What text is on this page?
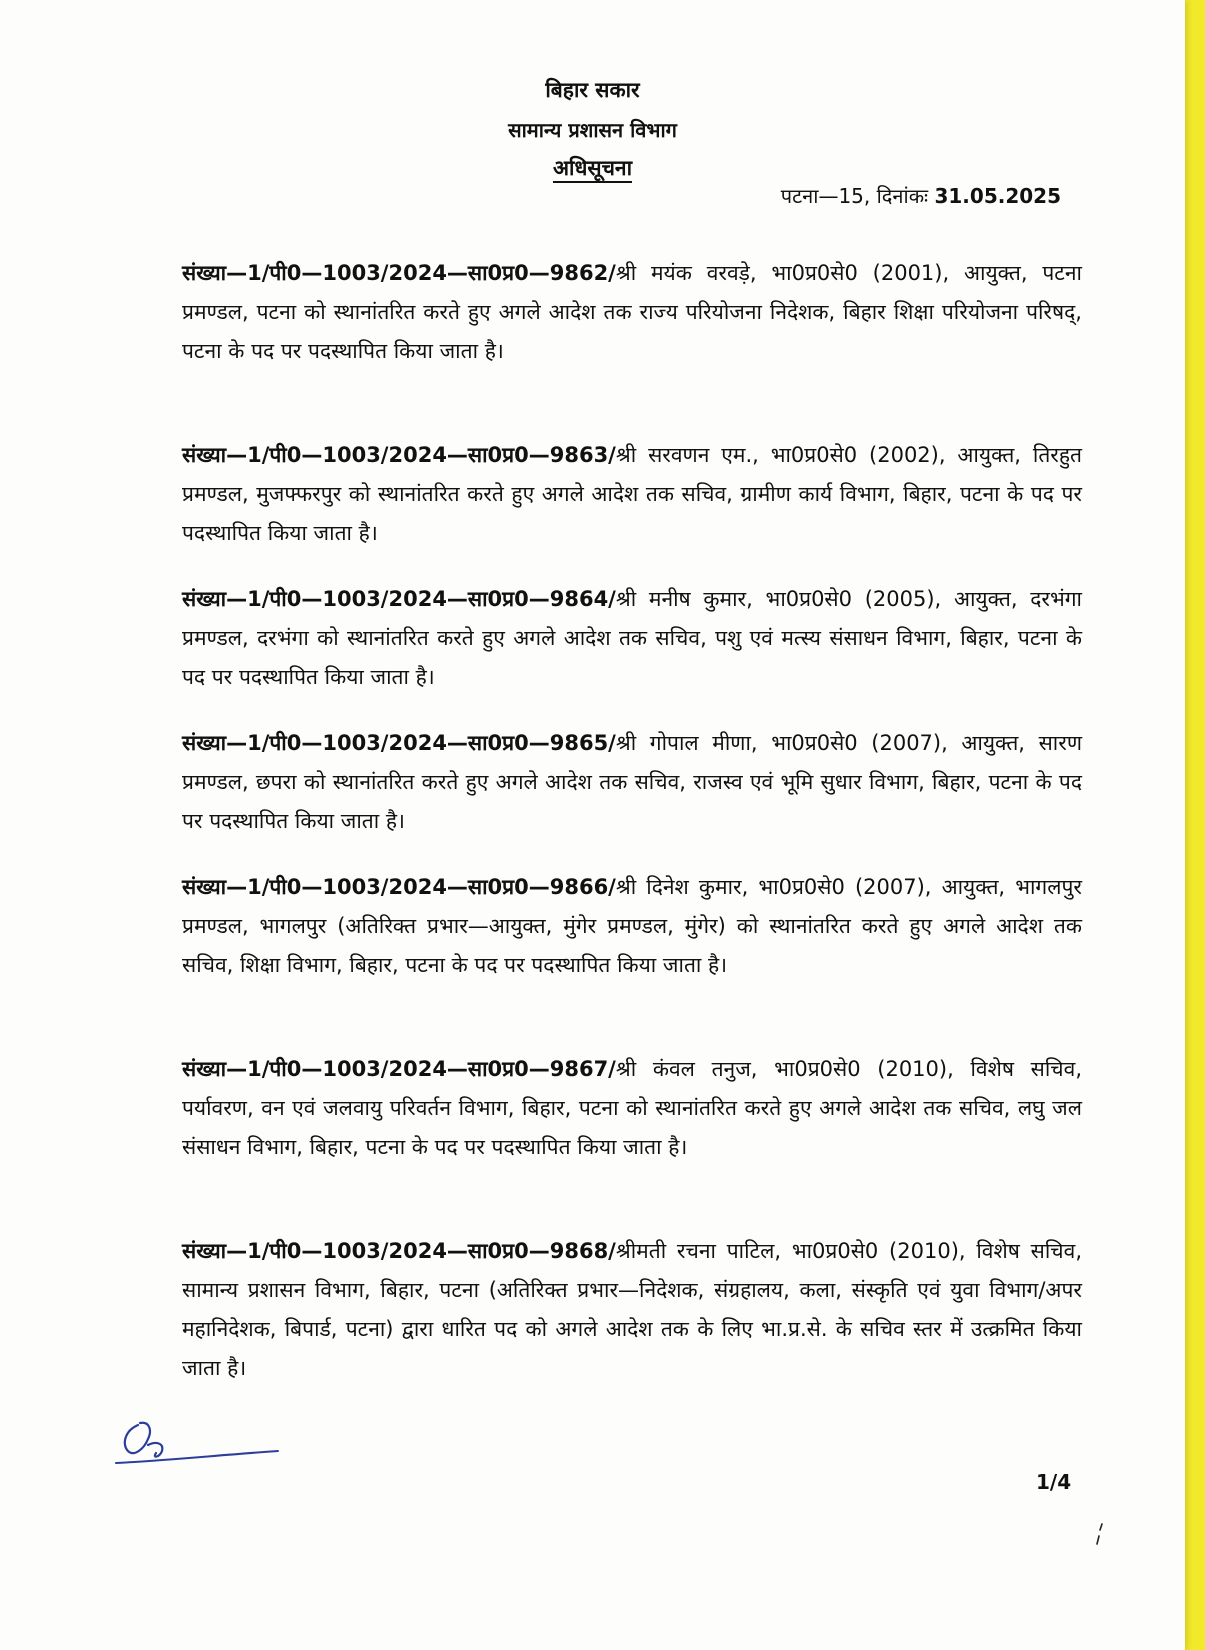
बिहार सकार
सामान्य प्रशासन विभाग
अधिसूचना
पटना—15, दिनांकः 31.05.2025
संख्या—1/पी0—1003/2024—सा0प्र0—9862/श्री मयंक वरवड़े, भा0प्र0से0 (2001), आयुक्त, पटना प्रमण्डल, पटना को स्थानांतरित करते हुए अगले आदेश तक राज्य परियोजना निदेशक, बिहार शिक्षा परियोजना परिषद्, पटना के पद पर पदस्थापित किया जाता है।
संख्या—1/पी0—1003/2024—सा0प्र0—9863/श्री सरवणन एम., भा0प्र0से0 (2002), आयुक्त, तिरहुत प्रमण्डल, मुजफ्फरपुर को स्थानांतरित करते हुए अगले आदेश तक सचिव, ग्रामीण कार्य विभाग, बिहार, पटना के पद पर पदस्थापित किया जाता है।
संख्या—1/पी0—1003/2024—सा0प्र0—9864/श्री मनीष कुमार, भा0प्र0से0 (2005), आयुक्त, दरभंगा प्रमण्डल, दरभंगा को स्थानांतरित करते हुए अगले आदेश तक सचिव, पशु एवं मत्स्य संसाधन विभाग, बिहार, पटना के पद पर पदस्थापित किया जाता है।
संख्या—1/पी0—1003/2024—सा0प्र0—9865/श्री गोपाल मीणा, भा0प्र0से0 (2007), आयुक्त, सारण प्रमण्डल, छपरा को स्थानांतरित करते हुए अगले आदेश तक सचिव, राजस्व एवं भूमि सुधार विभाग, बिहार, पटना के पद पर पदस्थापित किया जाता है।
संख्या—1/पी0—1003/2024—सा0प्र0—9866/श्री दिनेश कुमार, भा0प्र0से0 (2007), आयुक्त, भागलपुर प्रमण्डल, भागलपुर (अतिरिक्त प्रभार—आयुक्त, मुंगेर प्रमण्डल, मुंगेर) को स्थानांतरित करते हुए अगले आदेश तक सचिव, शिक्षा विभाग, बिहार, पटना के पद पर पदस्थापित किया जाता है।
संख्या—1/पी0—1003/2024—सा0प्र0—9867/श्री कंवल तनुज, भा0प्र0से0 (2010), विशेष सचिव, पर्यावरण, वन एवं जलवायु परिवर्तन विभाग, बिहार, पटना को स्थानांतरित करते हुए अगले आदेश तक सचिव, लघु जल संसाधन विभाग, बिहार, पटना के पद पर पदस्थापित किया जाता है।
संख्या—1/पी0—1003/2024—सा0प्र0—9868/श्रीमती रचना पाटिल, भा0प्र0से0 (2010), विशेष सचिव, सामान्य प्रशासन विभाग, बिहार, पटना (अतिरिक्त प्रभार—निदेशक, संग्रहालय, कला, संस्कृति एवं युवा विभाग/अपर महानिदेशक, बिपार्ड, पटना) द्वारा धारित पद को अगले आदेश तक के लिए भा.प्र.से. के सचिव स्तर में उत्क्रमित किया जाता है।
1/4
